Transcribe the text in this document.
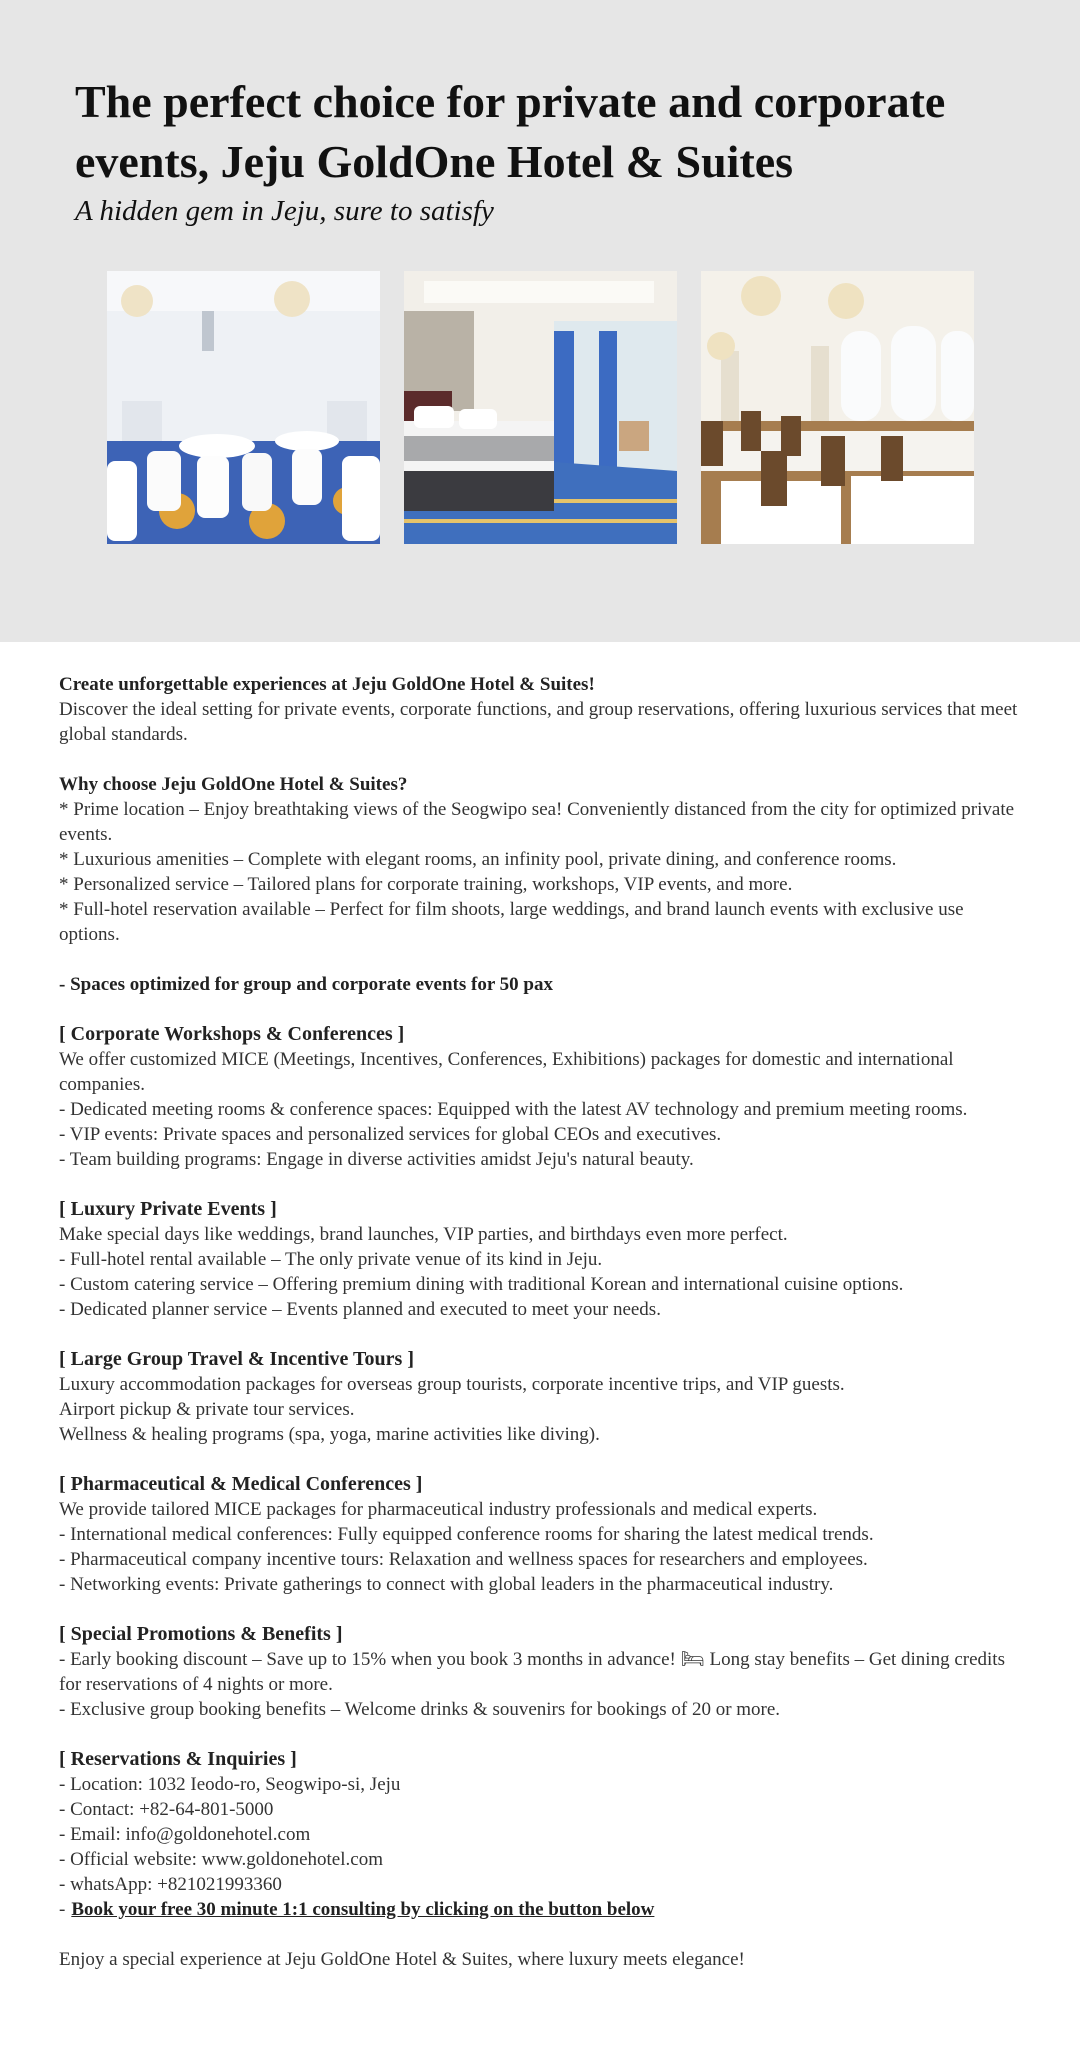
The perfect choice for private and corporate
events, Jeju GoldOne Hotel & Suites

A hidden gem in Jeju, sure to satisfy

Create unforgettable experiences at Jeju GoldOne Hotel & Suites!

Discover the ideal setting for private events, corporate functions, and group reservations, offering luxurious services that meet global standards.

Why choose Jeju GoldOne Hotel & Suites?

* Prime location – Enjoy breathtaking views of the Seogwipo sea! Conveniently distanced from the city for optimized private events.

* Luxurious amenities – Complete with elegant rooms, an infinity pool, private dining, and conference rooms.

* Personalized service – Tailored plans for corporate training, workshops, VIP events, and more.

* Full-hotel reservation available – Perfect for film shoots, large weddings, and brand launch events with exclusive use options.

- Spaces optimized for group and corporate events for 50 pax

[ Corporate Workshops & Conferences ]

We offer customized MICE (Meetings, Incentives, Conferences, Exhibitions) packages for domestic and international companies.

- Dedicated meeting rooms & conference spaces: Equipped with the latest AV technology and premium meeting rooms.

- VIP events: Private spaces and personalized services for global CEOs and executives.

- Team building programs: Engage in diverse activities amidst Jeju's natural beauty.

[ Luxury Private Events ]

Make special days like weddings, brand launches, VIP parties, and birthdays even more perfect.

- Full-hotel rental available – The only private venue of its kind in Jeju.

- Custom catering service – Offering premium dining with traditional Korean and international cuisine options.

- Dedicated planner service – Events planned and executed to meet your needs.

[ Large Group Travel & Incentive Tours ]

Luxury accommodation packages for overseas group tourists, corporate incentive trips, and VIP guests.

Airport pickup & private tour services.

Wellness & healing programs (spa, yoga, marine activities like diving).

[ Pharmaceutical & Medical Conferences ]

We provide tailored MICE packages for pharmaceutical industry professionals and medical experts.

- International medical conferences: Fully equipped conference rooms for sharing the latest medical trends.

- Pharmaceutical company incentive tours: Relaxation and wellness spaces for researchers and employees.

- Networking events: Private gatherings to connect with global leaders in the pharmaceutical industry.

[ Special Promotions & Benefits ]

- Early booking discount – Save up to 15% when you book 3 months in advance! 🛏 Long stay benefits – Get dining credits for reservations of 4 nights or more.

- Exclusive group booking benefits – Welcome drinks & souvenirs for bookings of 20 or more.

[ Reservations & Inquiries ]

- Location: 1032 Ieodo-ro, Seogwipo-si, Jeju

- Contact: +82-64-801-5000

- Email: info@goldonehotel.com

- Official website: www.goldonehotel.com

- whatsApp: +821021993360

- Book your free 30 minute 1:1 consulting by clicking on the button below

Enjoy a special experience at Jeju GoldOne Hotel & Suites, where luxury meets elegance!
